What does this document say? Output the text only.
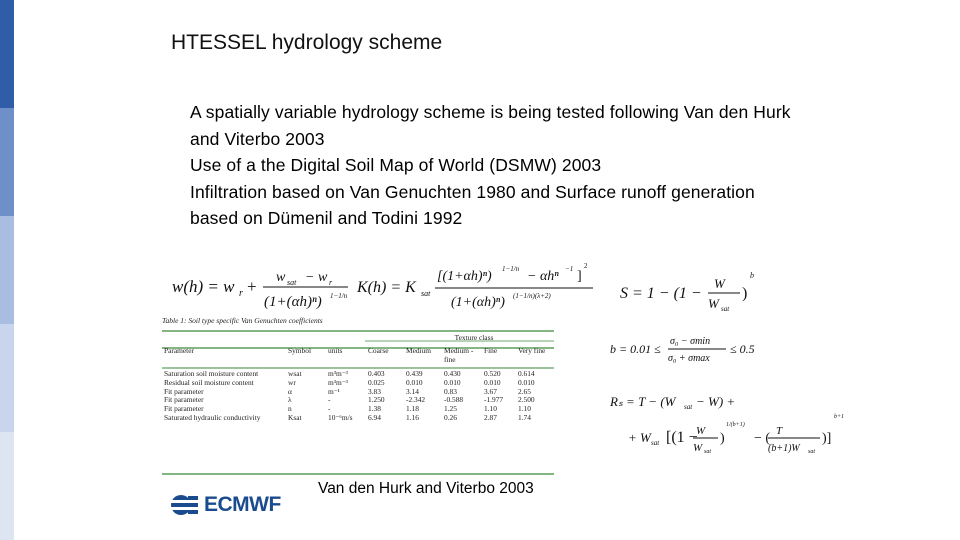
HTESSEL hydrology scheme
A spatially variable hydrology scheme is being tested following Van den Hurk and Viterbo 2003
Use of a the Digital Soil Map of World (DSMW) 2003
Infiltration based on Van Genuchten 1980 and Surface runoff generation based on Dümenil and Todini 1992
w(h) = w r + w sat − w r
(1+(αh)ⁿ) 1−1/n K(h) = K sat
[(1+αh)ⁿ) 1−1/n − αhⁿ −1 ]
2
(1+(αh)ⁿ) (1−1/n)(λ+2)
Table 1: Soil type specific Van Genuchten coefficients
			Texture class				
Parameter	Symbol	units	Coarse	Medium	Medium -fine	Fine	Very fine
Saturation soil moisture content	wsat	m³m⁻³	0.403	0.439	0.430	0.520	0.614
Residual soil moisture content	wr	m³m⁻³	0.025	0.010	0.010	0.010	0.010
Fit parameter	α	m⁻¹	3.83	3.14	0.83	3.67	2.65
Fit parameter	λ	-	1.250	-2.342	-0.588	-1.977	2.500
Fit parameter	n	-	1.38	1.18	1.25	1.10	1.10
Saturated hydraulic conductivity	Ksat	10⁻⁶m/s	6.94	1.16	0.26	2.87	1.74
S = 1 − (1 −
W
W sat
)
b
b = 0.01 ≤
σ₀ − σmin
σ₀ + σmax
≤ 0.5
Rₛ = T − (W sat − W) +
+ W sat [(1 −
W
W sat
)
1/(b+1)
− ( T
(b+1)W sat
)]
b+1
ECMWF
Van den Hurk and Viterbo 2003
